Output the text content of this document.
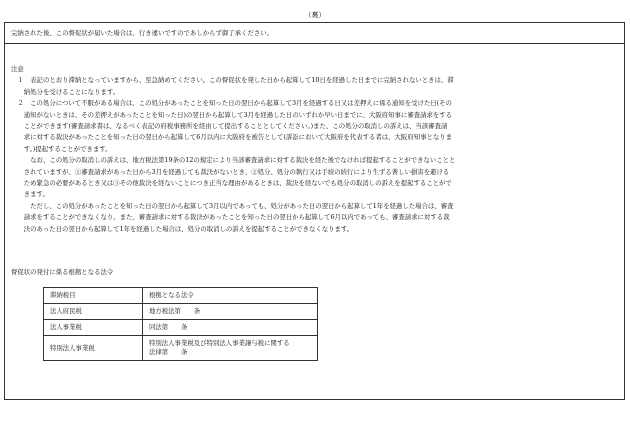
（裏）
完納された後、この督促状が届いた場合は、行き違いですのであしからず御了承ください。

注意

　１　表記のとおり滞納となっていますから、至急納めてください。この督促状を発した日から起算して10日を経過した日までに完納されないときは、滞

　　納処分を受けることになります。

　２　この処分について不服がある場合は、この処分があったことを知った日の翌日から起算して3月を経過する日又は差押えに係る通知を受けた日(その

　　通知がないときは、その差押えがあったことを知った日)の翌日から起算して3月を経過した日のいずれか早い日までに、大阪府知事に審査請求をする

　　ことができます(審査請求書は、なるべく表記の府税事務所を経由して提出することとしてください。)また、この処分の取消しの訴えは、当該審査請

　　求に対する裁決があったことを知った日の翌日から起算して6月以内に大阪府を被告として(訴訟において大阪府を代表する者は、大阪府知事となりま

　　す。)提起することができます。

　　　なお、この処分の取消しの訴えは、地方税法第19条の12の規定により当該審査請求に対する裁決を経た後でなければ提起することができないことと

　　されていますが、①審査請求があった日から3月を経過しても裁決がないとき、②処分、処分の執行又は手続の続行により生ずる著しい損害を避ける

　　ため緊急の必要があるとき又は③その他裁決を経ないことにつき正当な理由があるときは、裁決を経ないでも処分の取消しの訴えを提起することがで

　　きます。

　　　ただし、この処分があったことを知った日の翌日から起算して3月以内であっても、処分があった日の翌日から起算して1年を経過した場合は、審査

　　請求をすることができなくなり、また、審査請求に対する裁決があったことを知った日の翌日から起算して6月以内であっても、審査請求に対する裁

　　決のあった日の翌日から起算して1年を経過した場合は、処分の取消しの訴えを提起することができなくなります。

督促状の発付に係る根拠となる法令
滞納税目	根拠となる法令
法人府民税	地方税法第　　条
法人事業税	同法第　　条
特別法人事業税	特別法人事業税及び特別法人事業譲与税に関する
法律第　　条
